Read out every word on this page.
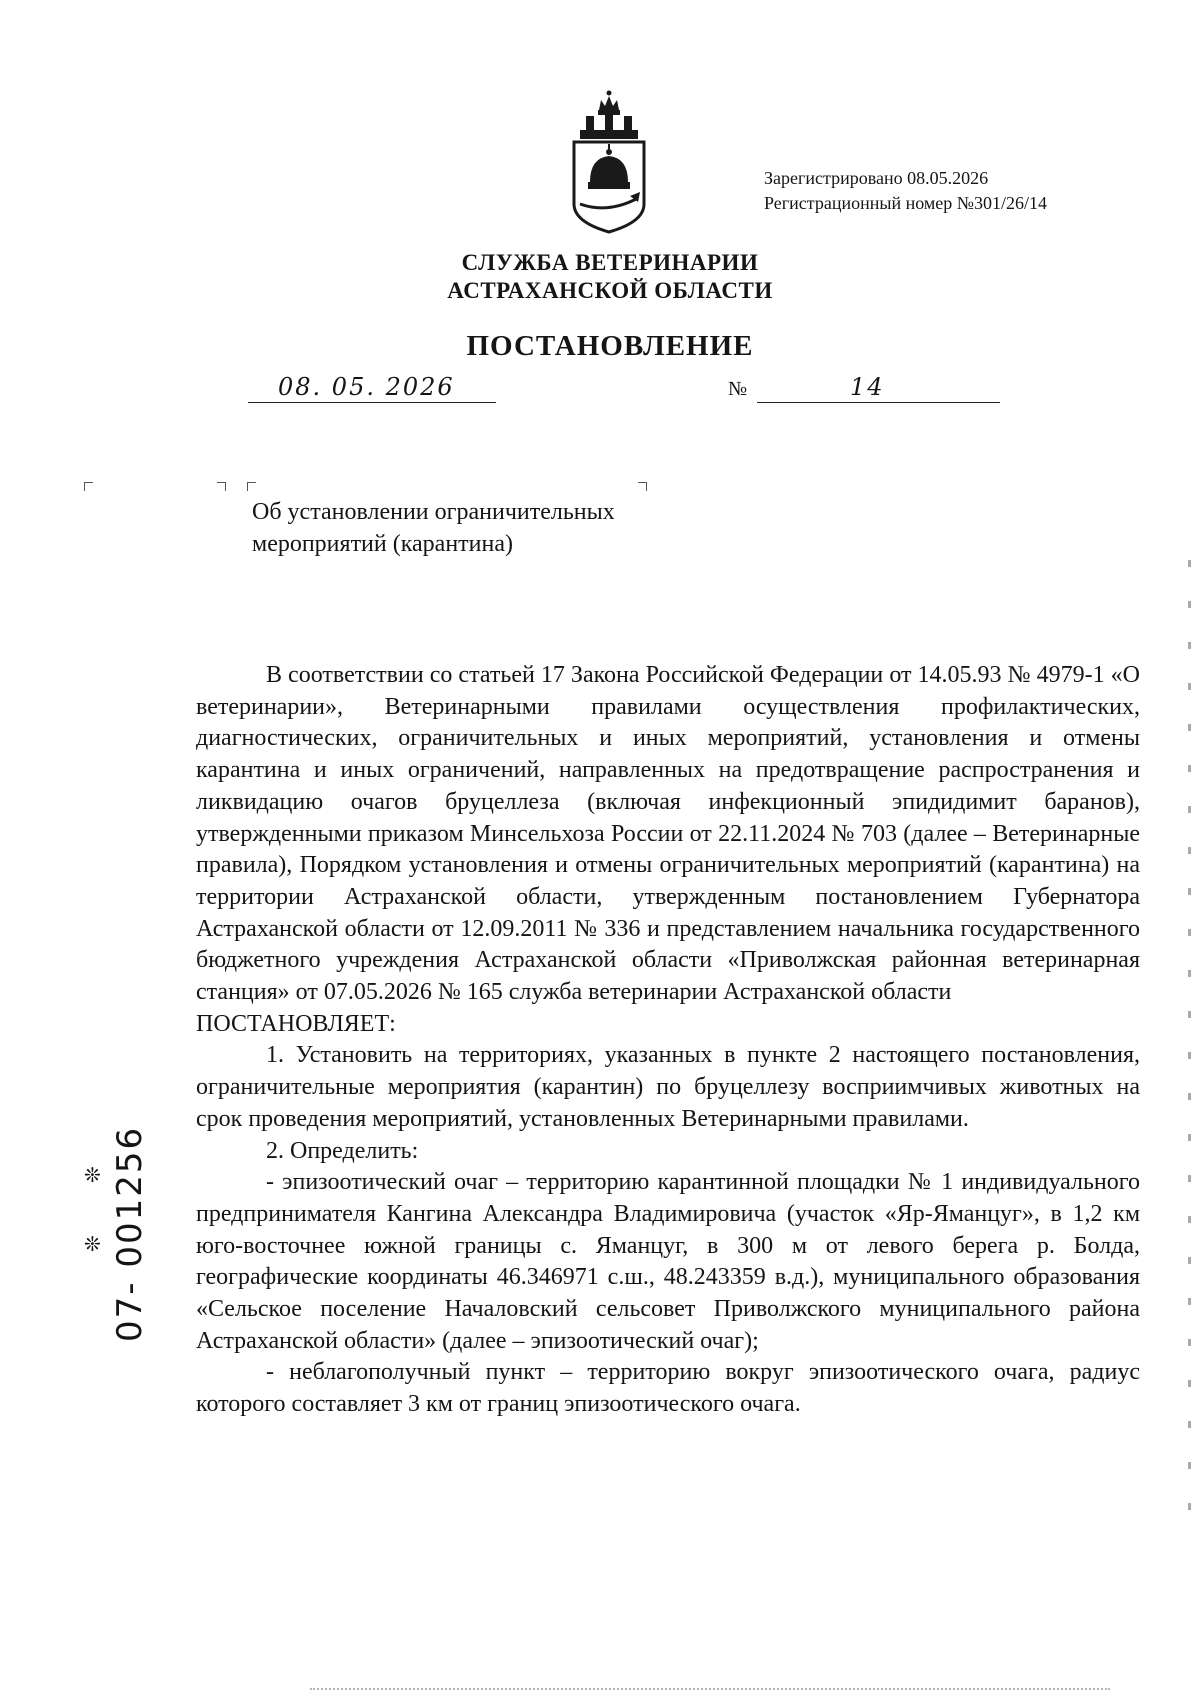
Зарегистрировано 08.05.2026
Регистрационный номер №301/26/14
СЛУЖБА ВЕТЕРИНАРИИ
АСТРАХАНСКОЙ ОБЛАСТИ
ПОСТАНОВЛЕНИЕ
08. 05. 2026	№	14
Об установлении ограничительных
мероприятий (карантина)

В соответствии со статьей 17 Закона Российской Федерации от 14.05.93 № 4979-1 «О ветеринарии», Ветеринарными правилами осуществления профилактических, диагностических, ограничительных и иных мероприятий, установления и отмены карантина и иных ограничений, направленных на предотвращение распространения и ликвидацию очагов бруцеллеза (включая инфекционный эпидидимит баранов), утвержденными приказом Минсельхоза России от 22.11.2024 № 703 (далее – Ветеринарные правила), Порядком установления и отмены ограничительных мероприятий (карантина) на территории Астраханской области, утвержденным постановлением Губернатора Астраханской области от 12.09.2011 № 336 и представлением начальника государственного бюджетного учреждения Астраханской области «Приволжская районная ветеринарная станция» от 07.05.2026 № 165 служба ветеринарии Астраханской области

ПОСТАНОВЛЯЕТ:

1. Установить на территориях, указанных в пункте 2 настоящего постановления, ограничительные мероприятия (карантин) по бруцеллезу восприимчивых животных на срок проведения мероприятий, установленных Ветеринарными правилами.

2. Определить:

- эпизоотический очаг – территорию карантинной площадки № 1 индивидуального предпринимателя Кангина Александра Владимировича (участок «Яр-Яманцуг», в 1,2 км юго-восточнее южной границы с. Яманцуг, в 300 м от левого берега р. Болда, географические координаты 46.346971 с.ш., 48.243359 в.д.), муниципального образования «Сельское поселение Началовский сельсовет Приволжского муниципального района Астраханской области» (далее – эпизоотический очаг);

- неблагополучный пункт – территорию вокруг эпизоотического очага, радиус которого составляет 3 км от границ эпизоотического очага.

07- 001256
❊
❊
